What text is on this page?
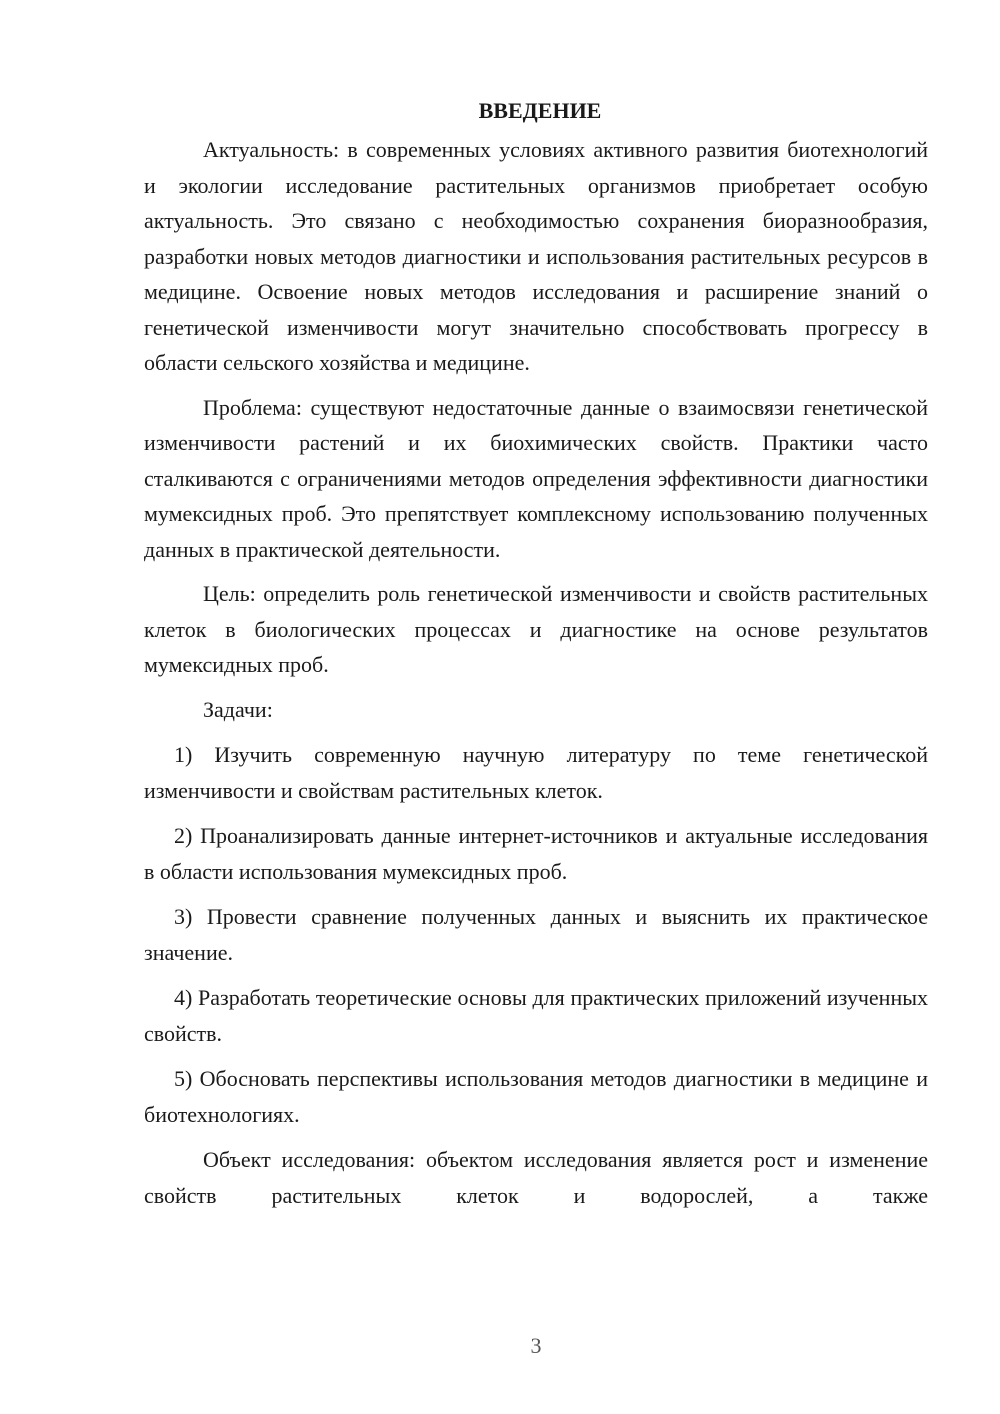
ВВЕДЕНИЕ

Актуальность: в современных условиях активного развития биотехнологий и экологии исследование растительных организмов приобретает особую актуальность. Это связано с необходимостью сохранения биоразнообразия, разработки новых методов диагностики и использования растительных ресурсов в медицине. Освоение новых методов исследования и расширение знаний о генетической изменчивости могут значительно способствовать прогрессу в области сельского хозяйства и медицине.

Проблема: существуют недостаточные данные о взаимосвязи генетической изменчивости растений и их биохимических свойств. Практики часто сталкиваются с ограничениями методов определения эффективности диагностики мумексидных проб. Это препятствует комплексному использованию полученных данных в практической деятельности.

Цель: определить роль генетической изменчивости и свойств растительных клеток в биологических процессах и диагностике на основе результатов мумексидных проб.

Задачи:

1) Изучить современную научную литературу по теме генетической изменчивости и свойствам растительных клеток.

2) Проанализировать данные интернет-источников и актуальные исследования в области использования мумексидных проб.

3) Провести сравнение полученных данных и выяснить их практическое значение.

4) Разработать теоретические основы для практических приложений изученных свойств.

5) Обосновать перспективы использования методов диагностики в медицине и биотехнологиях.

Объект исследования: объектом исследования является рост и изменение свойств растительных клеток и водорослей, а также

3
